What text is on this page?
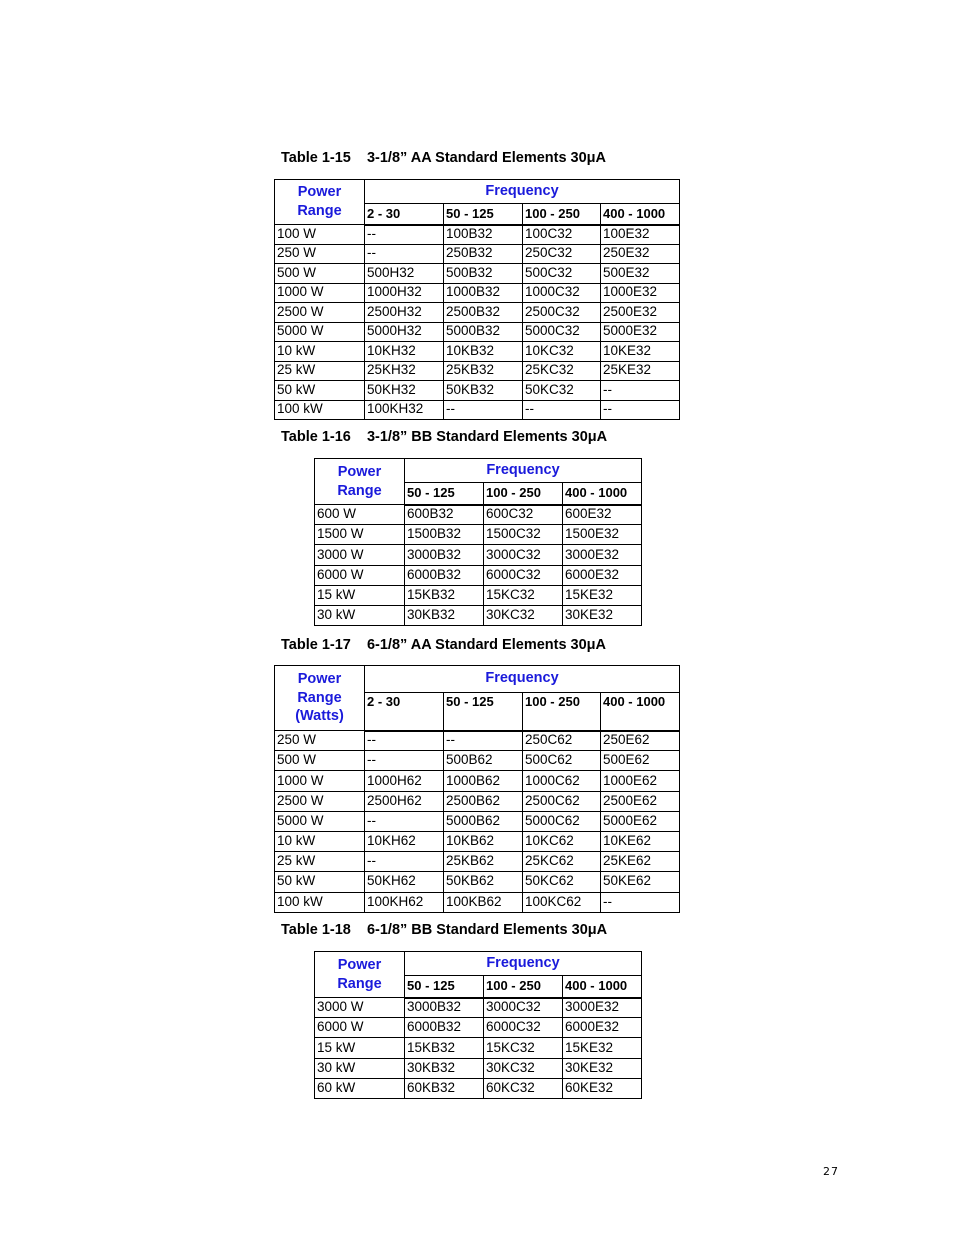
Table 1-15    3-1/8” AA Standard Elements 30μA
Power
Range	Frequency			
	2 - 30	50 - 125	100 - 250	400 - 1000
100 W	--	100B32	100C32	100E32
250 W	--	250B32	250C32	250E32
500 W	500H32	500B32	500C32	500E32
1000 W	1000H32	1000B32	1000C32	1000E32
2500 W	2500H32	2500B32	2500C32	2500E32
5000 W	5000H32	5000B32	5000C32	5000E32
10 kW	10KH32	10KB32	10KC32	10KE32
25 kW	25KH32	25KB32	25KC32	25KE32
50 kW	50KH32	50KB32	50KC32	--
100 kW	100KH32	--	--	--
Table 1-16    3-1/8” BB Standard Elements 30μA
Power
Range	Frequency		
	50 - 125	100 - 250	400 - 1000
600 W	600B32	600C32	600E32
1500 W	1500B32	1500C32	1500E32
3000 W	3000B32	3000C32	3000E32
6000 W	6000B32	6000C32	6000E32
15 kW	15KB32	15KC32	15KE32
30 kW	30KB32	30KC32	30KE32
Table 1-17    6-1/8” AA Standard Elements 30μA
Power
Range
(Watts)	Frequency			
	2 - 30	50 - 125	100 - 250	400 - 1000
250 W	--	--	250C62	250E62
500 W	--	500B62	500C62	500E62
1000 W	1000H62	1000B62	1000C62	1000E62
2500 W	2500H62	2500B62	2500C62	2500E62
5000 W	--	5000B62	5000C62	5000E62
10 kW	10KH62	10KB62	10KC62	10KE62
25 kW	--	25KB62	25KC62	25KE62
50 kW	50KH62	50KB62	50KC62	50KE62
100 kW	100KH62	100KB62	100KC62	--
Table 1-18    6-1/8” BB Standard Elements 30μA
Power
Range	Frequency		
	50 - 125	100 - 250	400 - 1000
3000 W	3000B32	3000C32	3000E32
6000 W	6000B32	6000C32	6000E32
15 kW	15KB32	15KC32	15KE32
30 kW	30KB32	30KC32	30KE32
60 kW	60KB32	60KC32	60KE32
27
